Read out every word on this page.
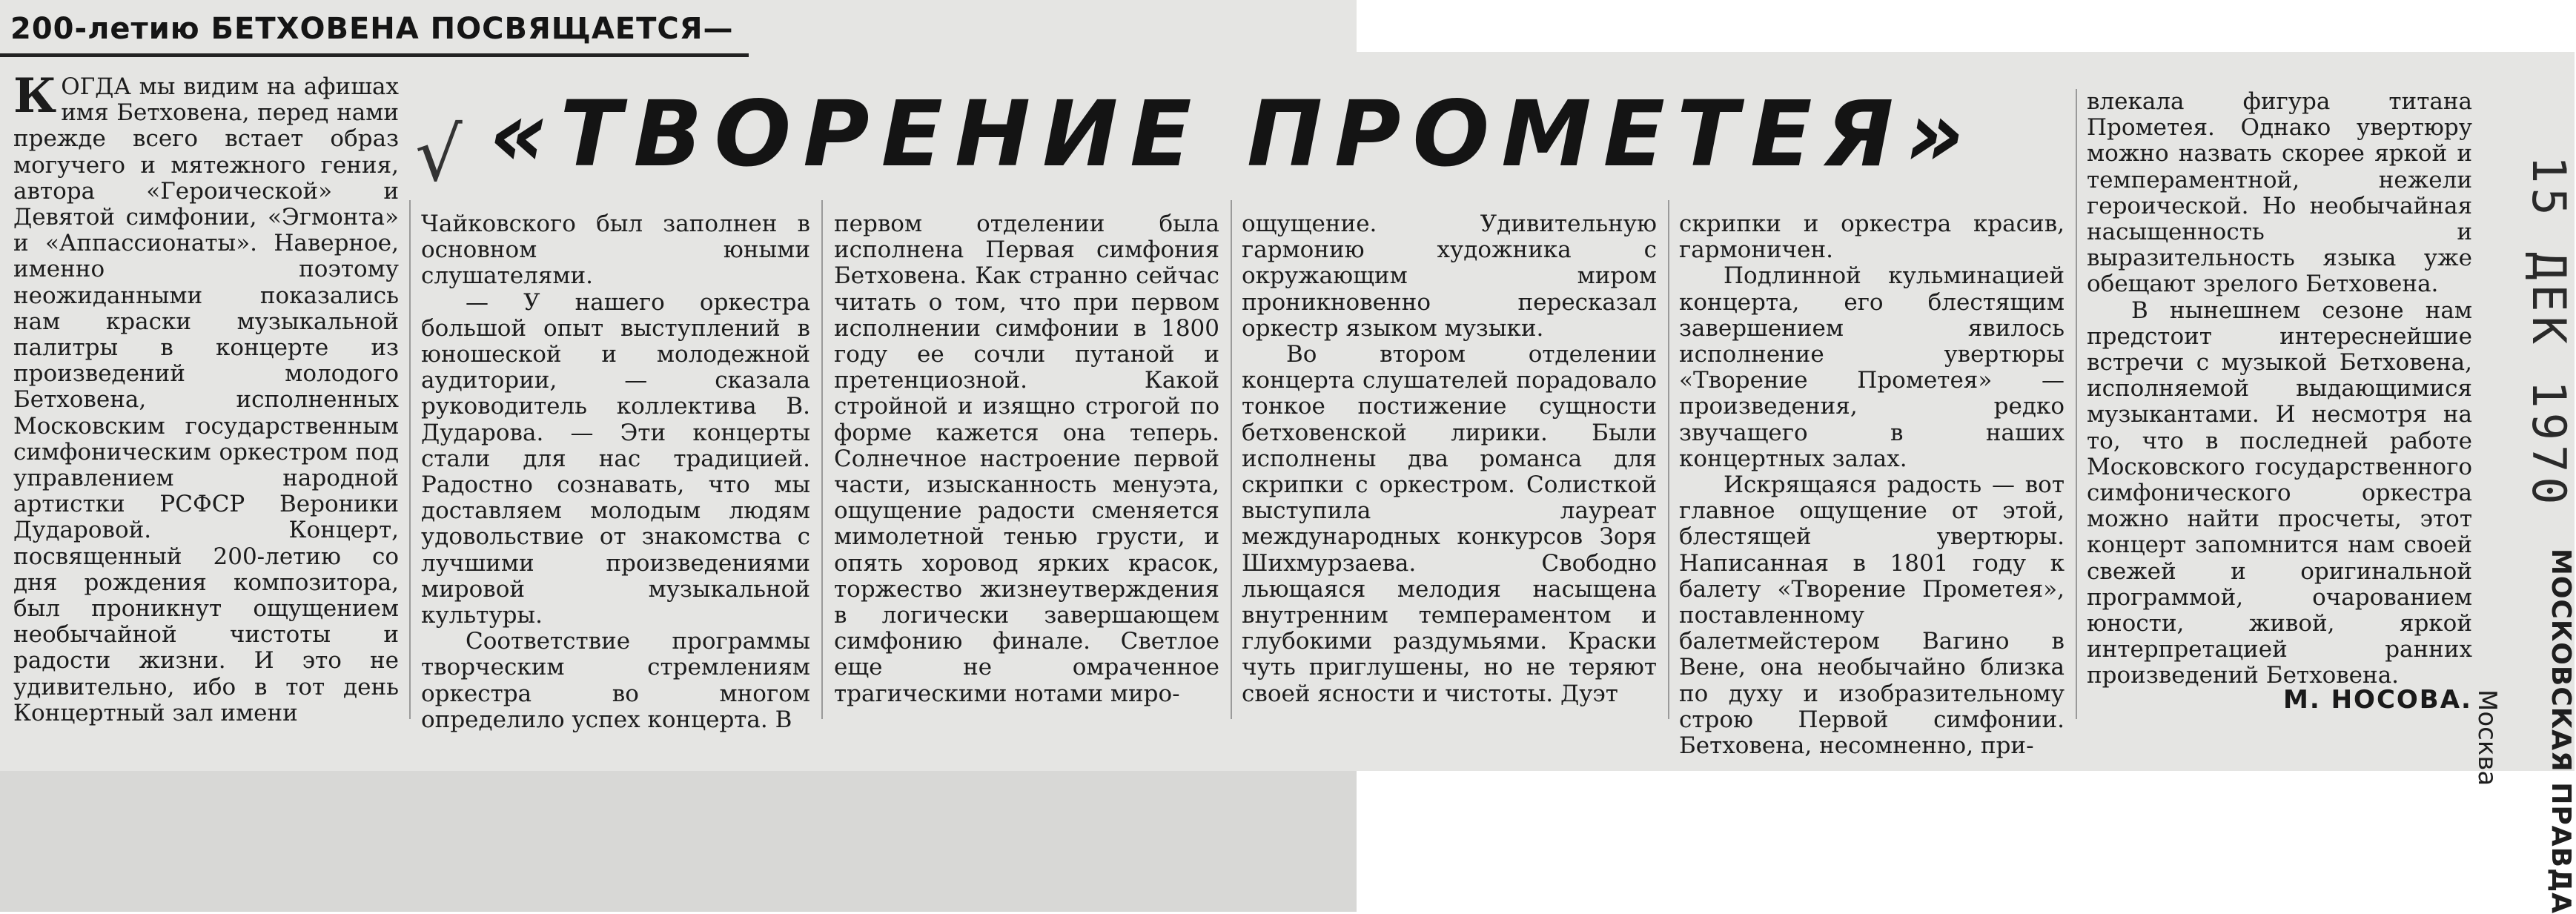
200-летию БЕТХОВЕНА ПОСВЯЩАЕТСЯ—
√ «ТВОРЕНИЕ ПРОМЕТЕЯ»

КОГДА мы видим на афишах имя Бетховена, перед нами прежде всего встает образ могучего и мятежного гения, автора «Героической» и Девятой симфонии, «Эгмонта» и «Аппассионаты». Наверное, именно поэтому неожиданными показались нам краски музыкальной палитры в концерте из произведений молодого Бетховена, исполненных Московским государственным симфоническим оркестром под управлением народной артистки РСФСР Вероники Дударовой. Концерт, посвященный 200-летию со дня рождения композитора, был проникнут ощущением необычайной чистоты и радости жизни. И это не удивительно, ибо в тот день Концертный зал имени

Чайковского был заполнен в основном юными слушателями.

— У нашего оркестра большой опыт выступлений в юношеской и молодежной аудитории, — сказала руководитель коллектива В. Дударова. — Эти концерты стали для нас традицией. Радостно сознавать, что мы доставляем молодым людям удовольствие от знакомства с лучшими произведениями мировой музыкальной культуры.

Соответствие программы творческим стремлениям оркестра во многом определило успех концерта. В

первом отделении была исполнена Первая симфония Бетховена. Как странно сейчас читать о том, что при первом исполнении симфонии в 1800 году ее сочли путаной и претенциозной. Какой стройной и изящно строгой по форме кажется она теперь. Солнечное настроение первой части, изысканность менуэта, ощущение радости сменяется мимолетной тенью грусти, и опять хоровод ярких красок, торжество жизнеутверждения в логически завершающем симфонию финале. Светлое еще не омраченное трагическими нотами миро-

ощущение. Удивительную гармонию художника с окружающим миром проникновенно пересказал оркестр языком музыки.

Во втором отделении концерта слушателей порадовало тонкое постижение сущности бетховенской лирики. Были исполнены два романса для скрипки с оркестром. Солисткой выступила лауреат международных конкурсов Зоря Шихмурзаева. Свободно льющаяся мелодия насыщена внутренним темпераментом и глубокими раздумьями. Краски чуть приглушены, но не теряют своей ясности и чистоты. Дуэт

скрипки и оркестра красив, гармоничен.

Подлинной кульминацией концерта, его блестящим завершением явилось исполнение увертюры «Творение Прометея» — произведения, редко звучащего в наших концертных залах.

Искрящаяся радость — вот главное ощущение от этой, блестящей увертюры. Написанная в 1801 году к балету «Творение Прометея», поставленному балетмейстером Вагино в Вене, она необычайно близка по духу и изобразительному строю Первой симфонии. Бетховена, несомненно, при-

влекала фигура титана Прометея. Однако увертюру можно назвать скорее яркой и темпераментной, нежели героической. Но необычайная насыщенность и выразительность языка уже обещают зрелого Бетховена.

В нынешнем сезоне нам предстоит интереснейшие встречи с музыкой Бетховена, исполняемой выдающимися музыкантами. И несмотря на то, что в последней работе Московского государственного симфонического оркестра можно найти просчеты, этот концерт запомнится нам своей свежей и оригинальной программой, очарованием юности, живой, яркой интерпретацией ранних произведений Бетховена.

М. НОСОВА.
15 ДЕК 1970
МОСКОВСКАЯ ПРАВДА
Москва
